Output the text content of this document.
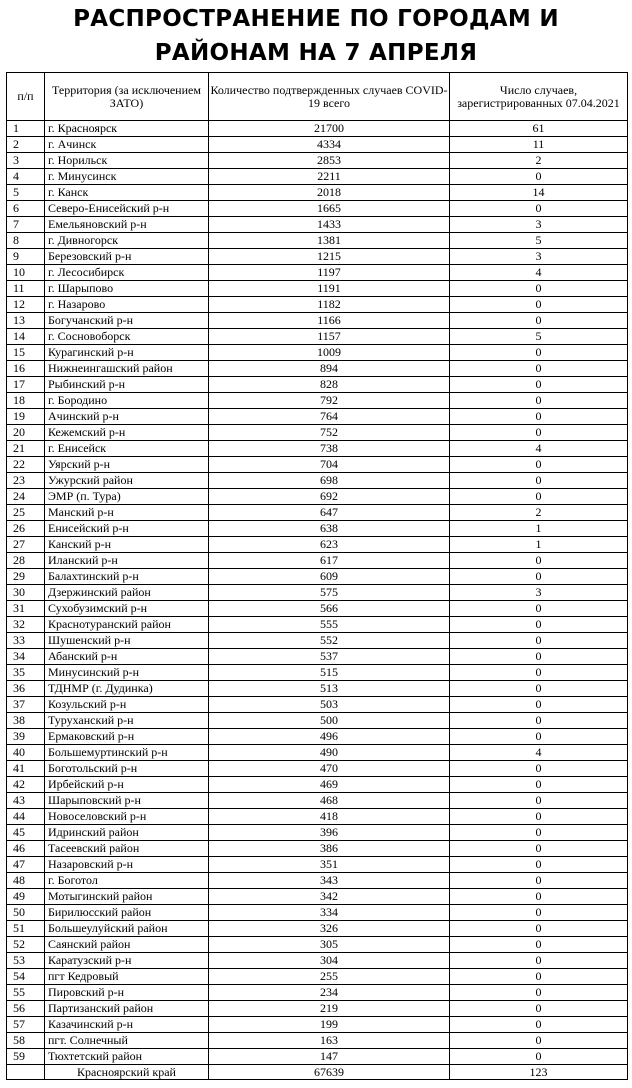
РАСПРОСТРАНЕНИЕ ПО ГОРОДАМ И
РАЙОНАМ НА 7 АПРЕЛЯ
п/п	Территория (за исключением ЗАТО)	Количество подтвержденных случаев COVID-19 всего	Число случаев, зарегистрированных 07.04.2021
1	г. Красноярск	21700	61
2	г. Ачинск	4334	11
3	г. Норильск	2853	2
4	г. Минусинск	2211	0
5	г. Канск	2018	14
6	Северо-Енисейский р-н	1665	0
7	Емельяновский р-н	1433	3
8	г. Дивногорск	1381	5
9	Березовский р-н	1215	3
10	г. Лесосибирск	1197	4
11	г. Шарыпово	1191	0
12	г. Назарово	1182	0
13	Богучанский р-н	1166	0
14	г. Сосновоборск	1157	5
15	Курагинский р-н	1009	0
16	Нижнеингашский район	894	0
17	Рыбинский р-н	828	0
18	г. Бородино	792	0
19	Ачинский р-н	764	0
20	Кежемский р-н	752	0
21	г. Енисейск	738	4
22	Уярский р-н	704	0
23	Ужурский район	698	0
24	ЭМР (п. Тура)	692	0
25	Манский р-н	647	2
26	Енисейский р-н	638	1
27	Канский р-н	623	1
28	Иланский р-н	617	0
29	Балахтинский р-н	609	0
30	Дзержинский район	575	3
31	Сухобузимский р-н	566	0
32	Краснотуранский район	555	0
33	Шушенский р-н	552	0
34	Абанский р-н	537	0
35	Минусинский р-н	515	0
36	ТДНМР (г. Дудинка)	513	0
37	Козульский р-н	503	0
38	Туруханский р-н	500	0
39	Ермаковский р-н	496	0
40	Большемуртинский р-н	490	4
41	Боготольский р-н	470	0
42	Ирбейский р-н	469	0
43	Шарыповский р-н	468	0
44	Новоселовский р-н	418	0
45	Идринский район	396	0
46	Тасеевский район	386	0
47	Назаровский р-н	351	0
48	г. Боготол	343	0
49	Мотыгинский район	342	0
50	Бирилюсский район	334	0
51	Большеулуйский район	326	0
52	Саянский район	305	0
53	Каратузский р-н	304	0
54	пгт Кедровый	255	0
55	Пировский р-н	234	0
56	Партизанский район	219	0
57	Казачинский р-н	199	0
58	пгт. Солнечный	163	0
59	Тюхтетский район	147	0
	Красноярский край	67639	123
